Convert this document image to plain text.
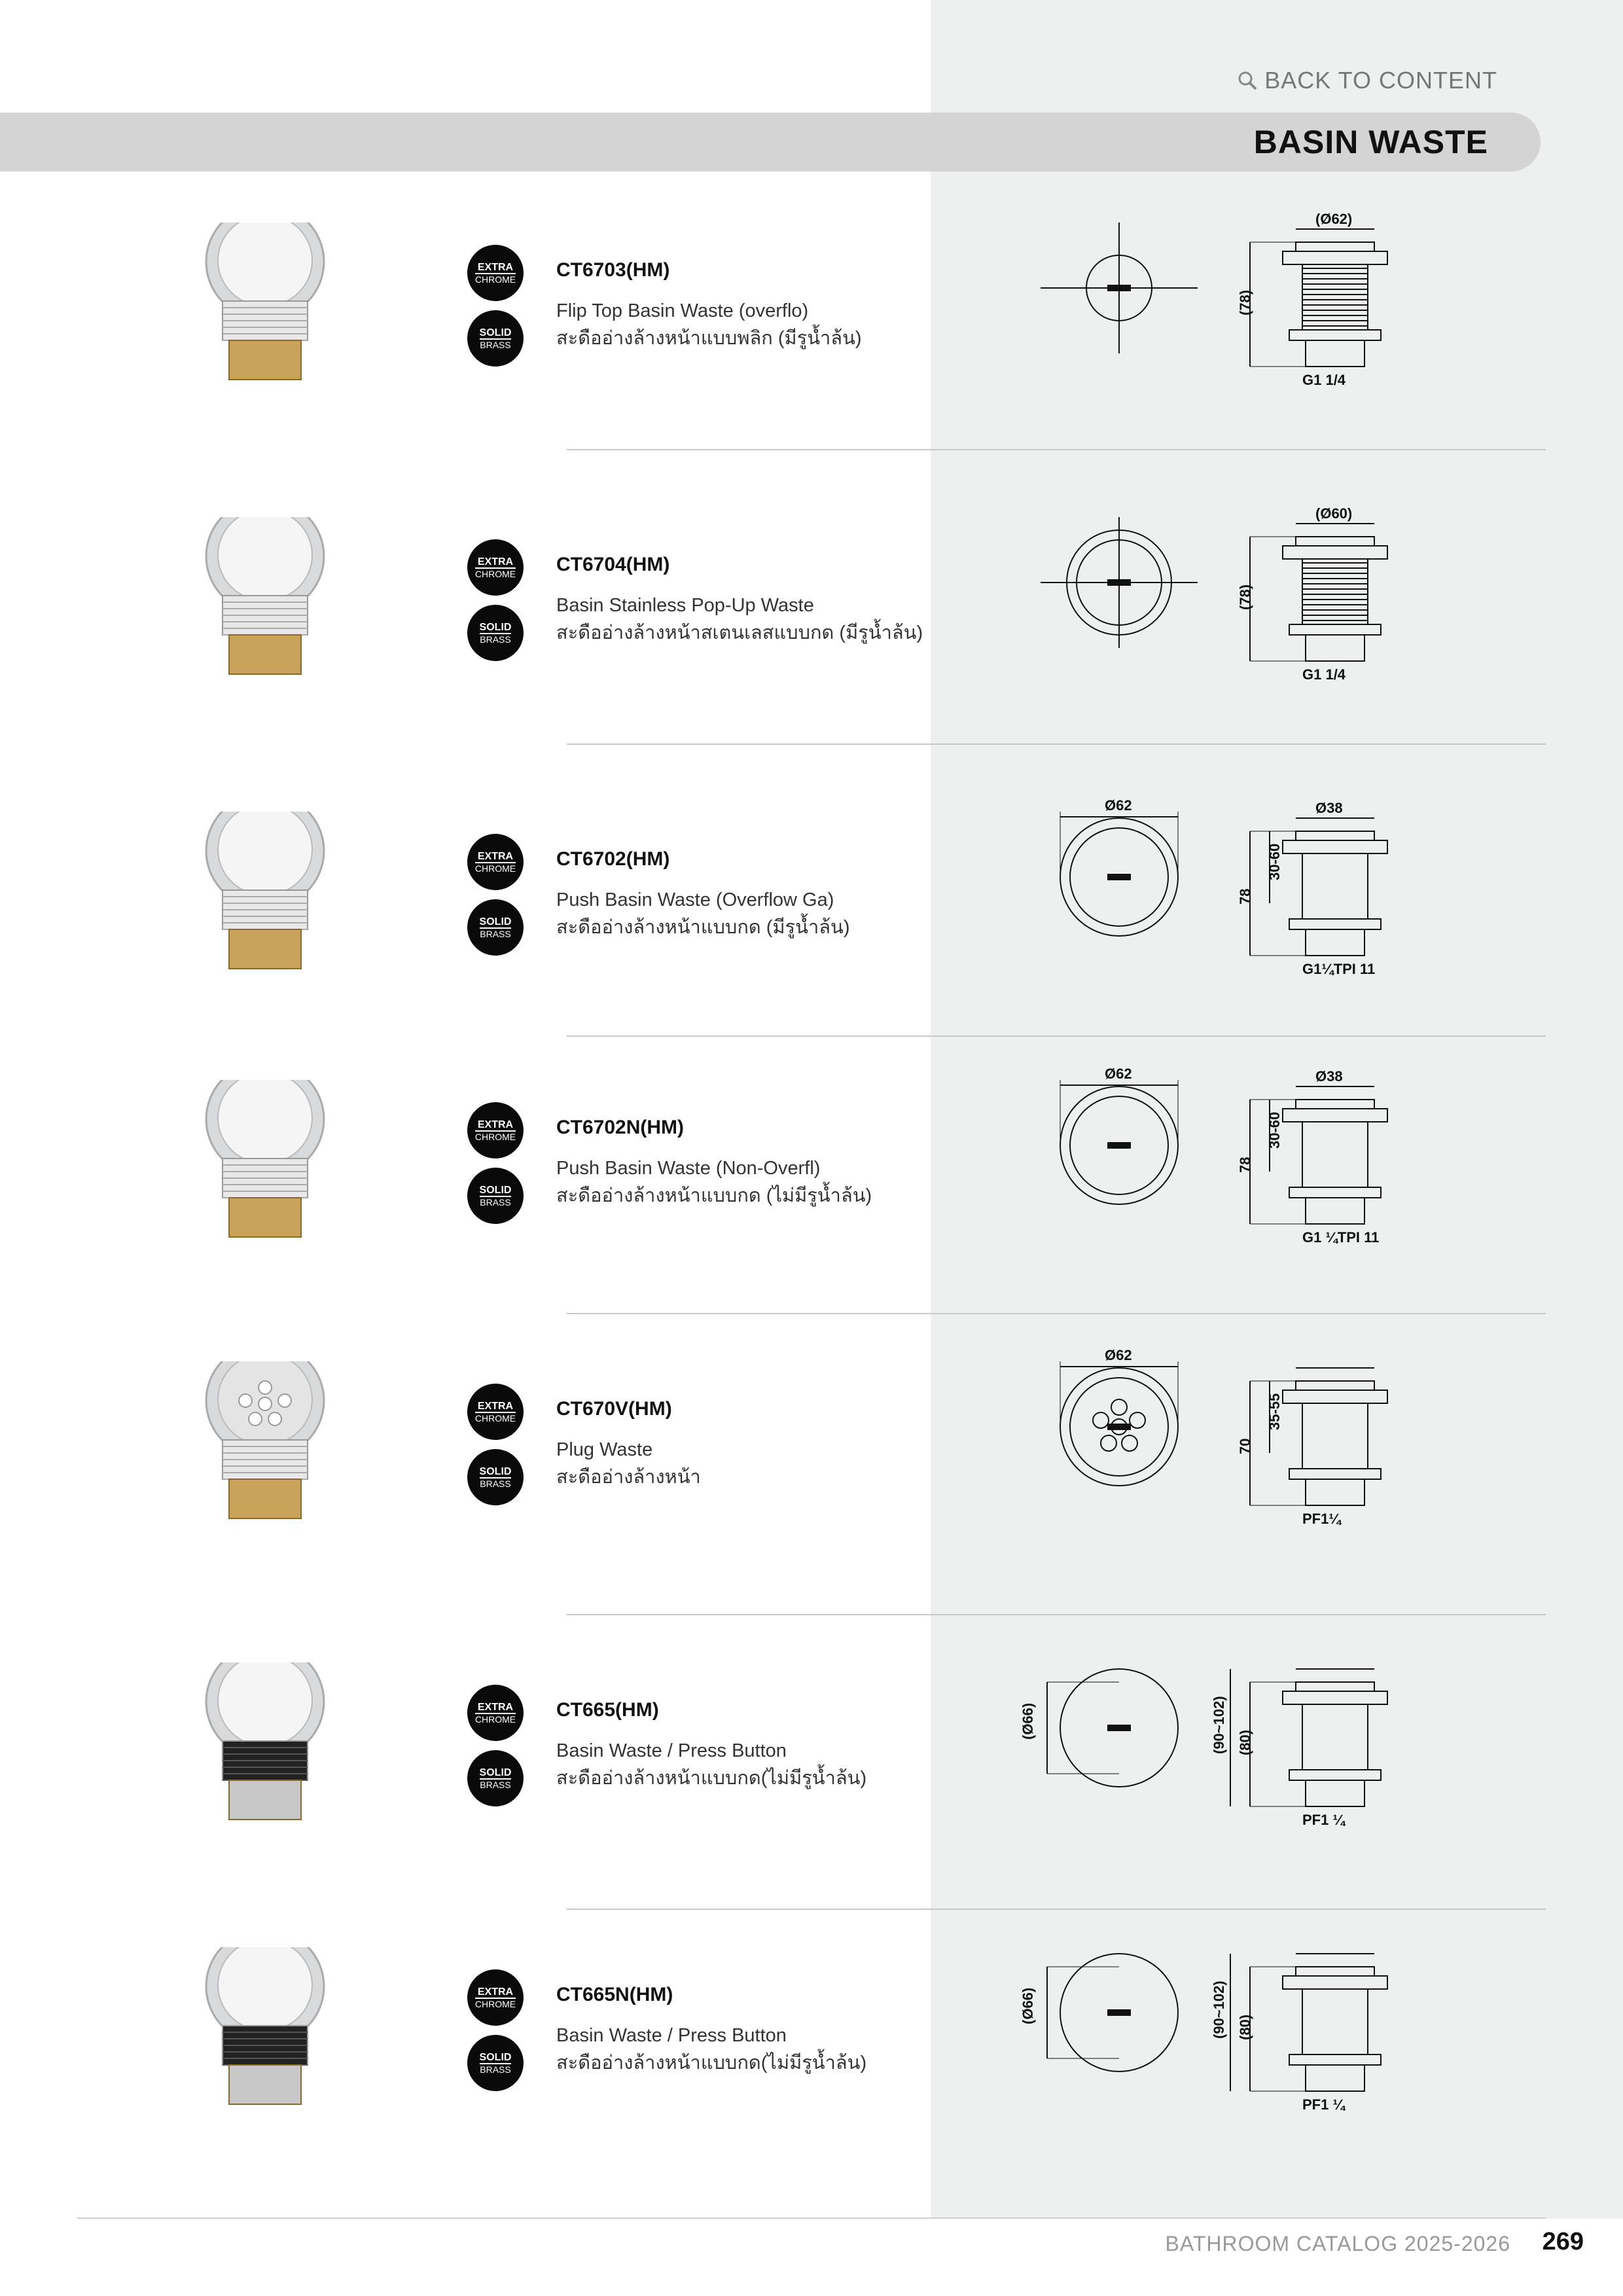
BACK TO CONTENT
BASIN WASTE
EXTRA
CHROME
SOLID
BRASS
CT6703(HM)
Flip Top Basin Waste (overflo)
สะดืออ่างล้างหน้าแบบพลิก (มีรูน้ำล้น)
(Ø62)
(78)
G1 1/4
EXTRA
CHROME
SOLID
BRASS
CT6704(HM)
Basin Stainless Pop-Up Waste
สะดืออ่างล้างหน้าสเตนเลสแบบกด (มีรูน้ำล้น)
(Ø60)
(78)
G1 1/4
EXTRA
CHROME
SOLID
BRASS
CT6702(HM)
Push Basin Waste (Overflow Ga)
สะดืออ่างล้างหน้าแบบกด (มีรูน้ำล้น)
Ø62	Ø38
78
30-60
G1¼TPI 11
EXTRA
CHROME
SOLID
BRASS
CT6702N(HM)
Push Basin Waste (Non-Overfl)
สะดืออ่างล้างหน้าแบบกด (ไม่มีรูน้ำล้น)
Ø62	Ø38
78
30-60
G1 ¼TPI 11
EXTRA
CHROME
SOLID
BRASS
CT670V(HM)
Plug Waste
สะดืออ่างล้างหน้า
Ø62
70
35-55
PF1¼
EXTRA
CHROME
SOLID
BRASS
CT665(HM)
Basin Waste / Press Button
สะดืออ่างล้างหน้าแบบกด(ไม่มีรูน้ำล้น)
(Ø66)
(80)
(90~102)
PF1 ¼
EXTRA
CHROME
SOLID
BRASS
CT665N(HM)
Basin Waste / Press Button
สะดืออ่างล้างหน้าแบบกด(ไม่มีรูน้ำล้น)
(Ø66)
(80)
(90~102)
PF1 ¼
BATHROOM CATALOG 2025-2026 269
